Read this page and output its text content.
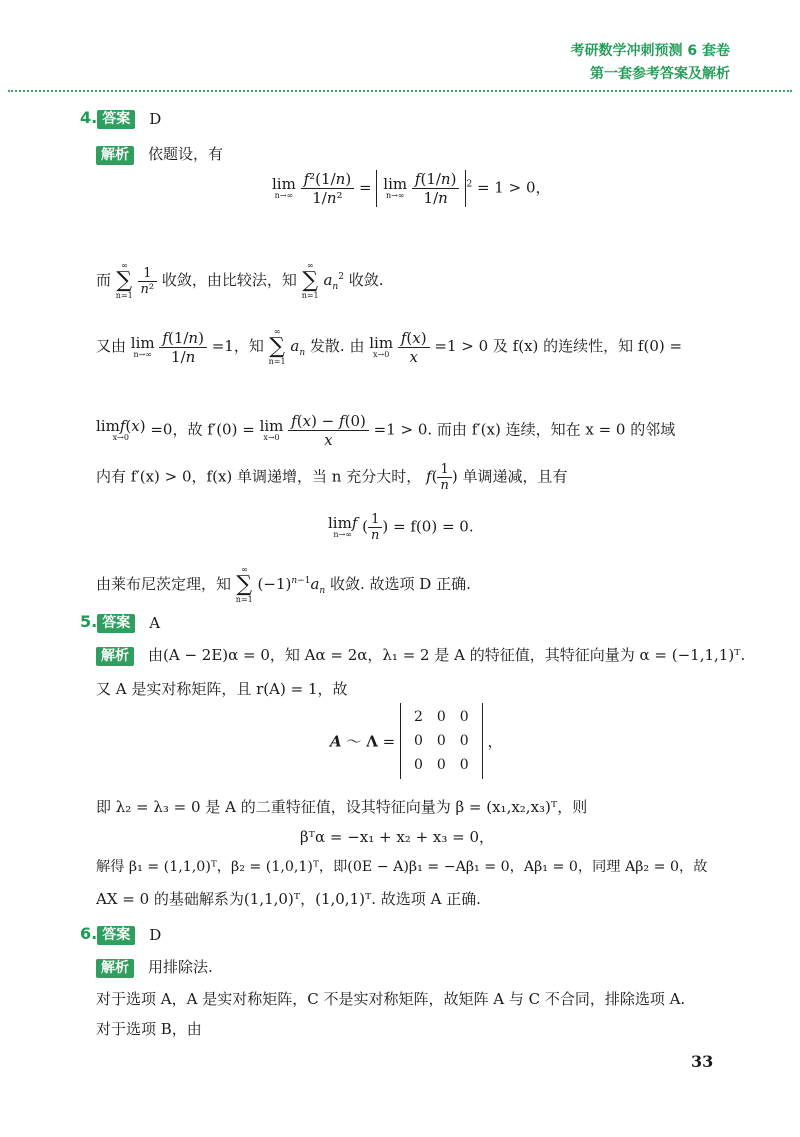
考研数学冲刺预测 6 套卷
第一套参考答案及解析
4. 答案 D
解析 依题设，有
lim
n→∞
$\frac{\text{f²(1/n)}}{\text{1/n²}} = \lim$
n→∞
$\frac{f(1/n)}{1/n} ^2 = 1 > 0$，
而
∞
∑
n=1
$\frac{1}{\text{n²}}$ 收敛，由比较法，知
∞
∑
n=1
$a_n^2$ 收敛.
又由 lim
n→∞
$\frac{f(1/n)}{1/n} =1$，知
∞
∑
n=1
$a_n$ 发散. 由 lim
x→0
$\frac{f(x)}{x} =1 > 0$ 及 f(x) 的连续性，知 f(0) =
limf(x)
x→0	=0，故 f′(0) = lim
x→0
$\frac{f(x) - f(0)}{x} =1 > 0$. 而由 f′(x) 连续，知在 x = 0 的邻域
内有 f′(x) > 0，f(x) 单调递增，当 n 充分大时， $f( \frac{1}{n}$ ) 单调递减，且有
limf
n→∞ ( $\frac{1}{n}$ ) = f(0) = 0.
由莱布尼茨定理，知
∞
∑
n=1
$(-1)^{n-1}a_n$ 收敛. 故选项 D 正确.
5. 答案 A
解析 由(A − 2E)α = 0，知 Aα = 2α，λ₁ = 2 是 A 的特征值，其特征向量为 α = (−1,1,1)ᵀ.
又 A 是实对称矩阵，且 r(A) = 1，故
A ～ Λ =
2	0	0
0	0	0
0	0	0
，
即 λ₂ = λ₃ = 0 是 A 的二重特征值，设其特征向量为 β = (x₁,x₂,x₃)ᵀ，则
βᵀα = −x₁ + x₂ + x₃ = 0，
解得 β₁ = (1,1,0)ᵀ，β₂ = (1,0,1)ᵀ，即(0E − A)β₁ = −Aβ₁ = 0，Aβ₁ = 0，同理 Aβ₂ = 0，故
AX = 0 的基础解系为(1,1,0)ᵀ，(1,0,1)ᵀ. 故选项 A 正确.
6. 答案 D
解析 用排除法.
对于选项 A，A 是实对称矩阵，C 不是实对称矩阵，故矩阵 A 与 C 不合同，排除选项 A.
对于选项 B，由
33
